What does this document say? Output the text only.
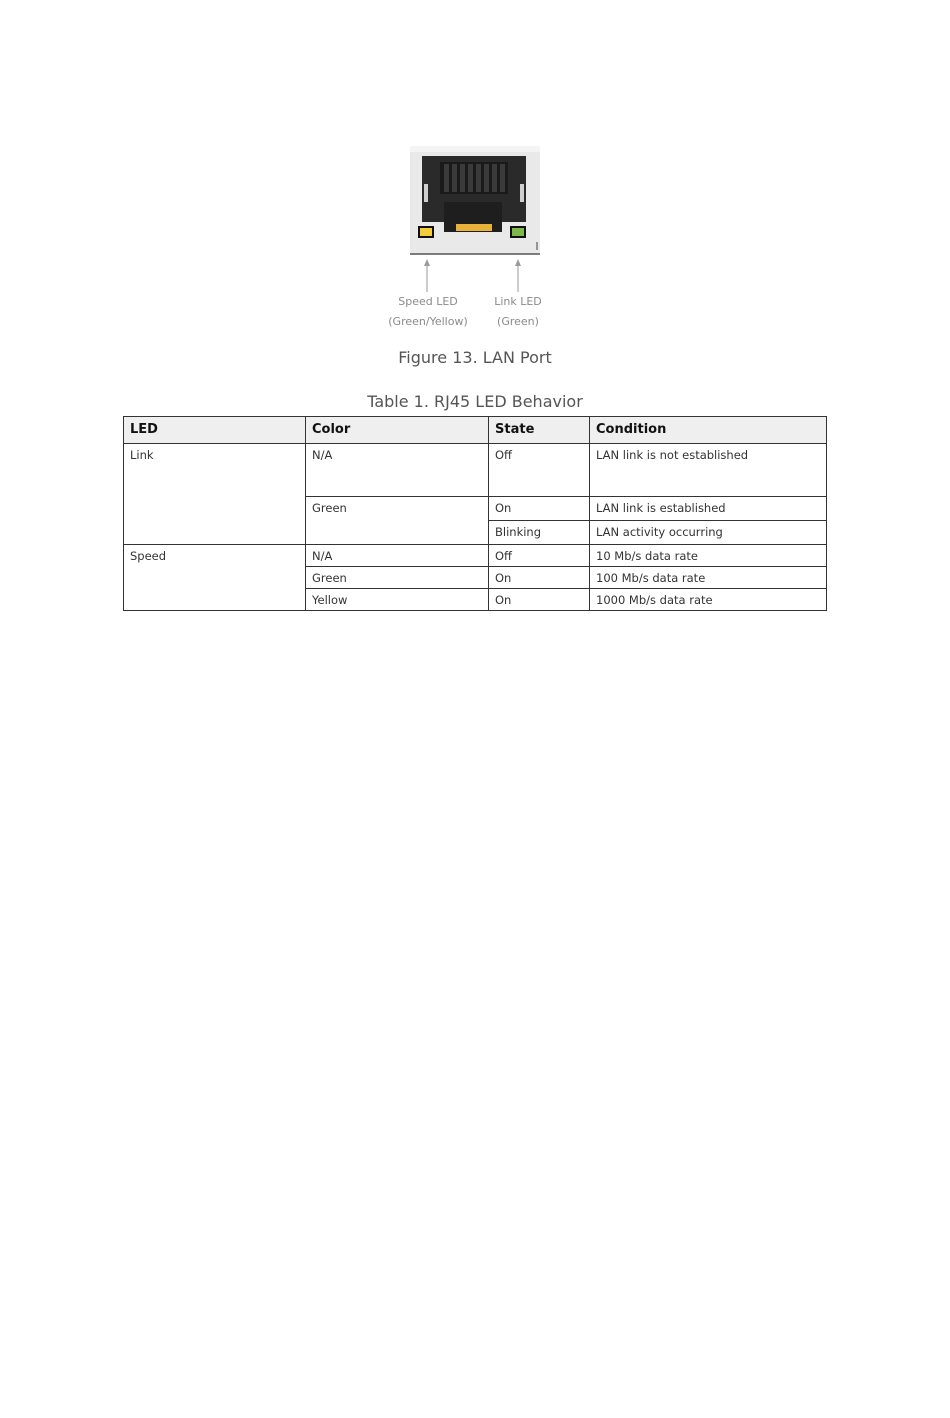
Speed LED
(Green/Yellow)
Link LED
(Green)
Figure 13. LAN Port
Table 1. RJ45 LED Behavior
LED	Color	State	Condition
Link	N/A	Off	LAN link is not established
	Green	On	LAN link is established
		Blinking	LAN activity occurring
Speed	N/A	Off	10 Mb/s data rate
	Green	On	100 Mb/s data rate
	Yellow	On	1000 Mb/s data rate
